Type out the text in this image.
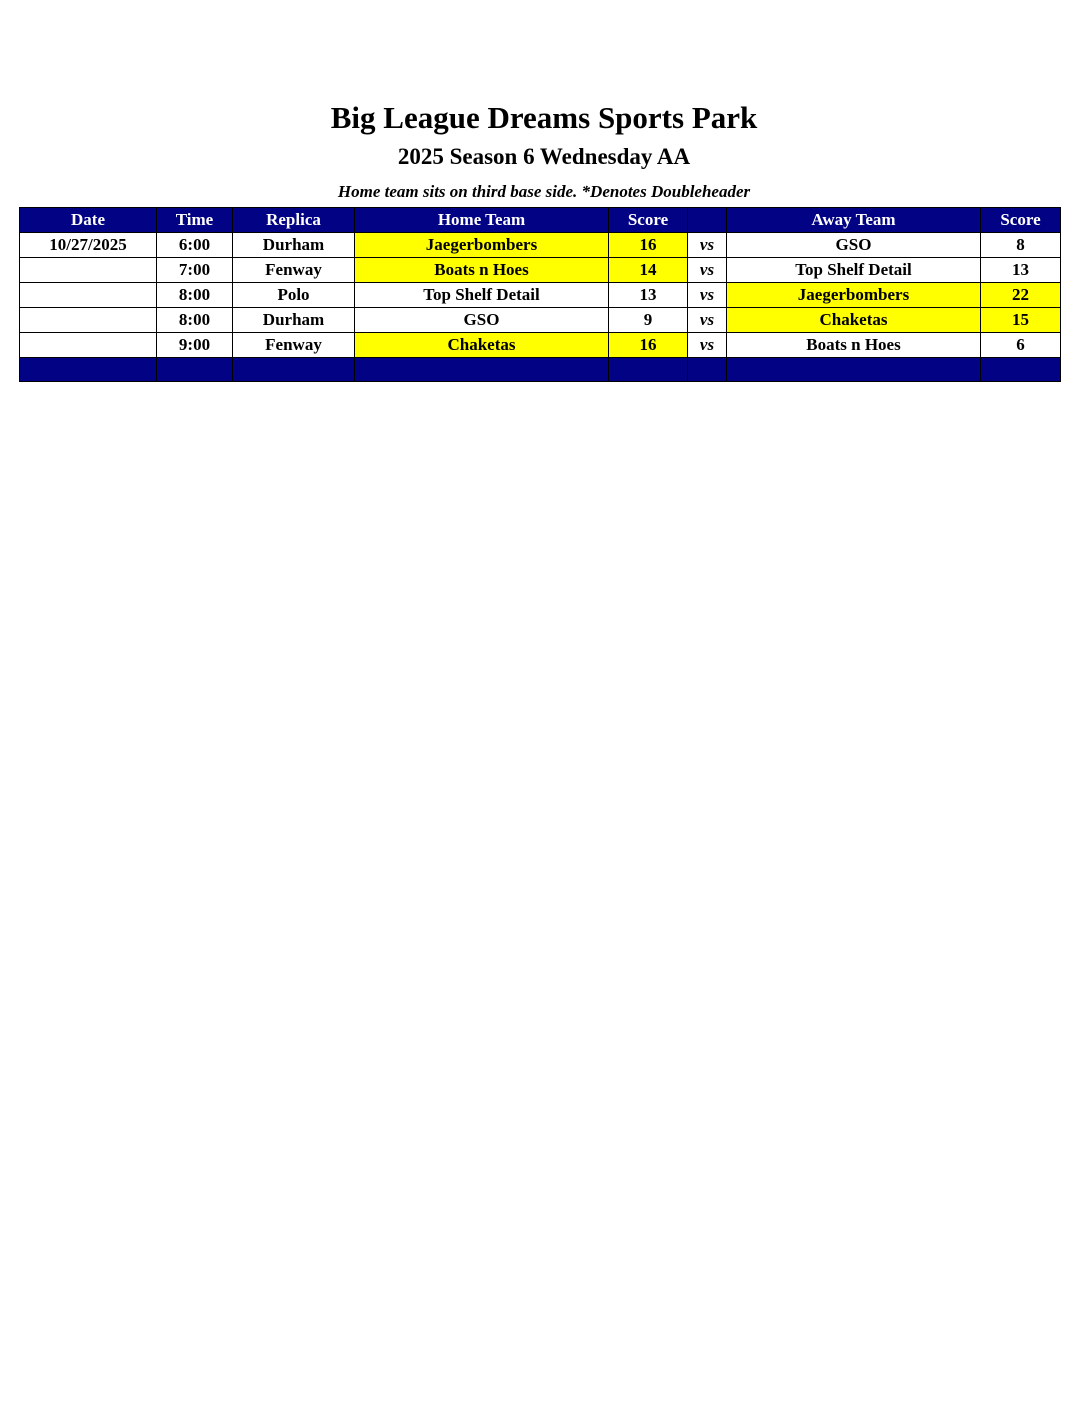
Big League Dreams Sports Park
2025 Season 6 Wednesday AA
Home team sits on third base side. *Denotes Doubleheader
Date	Time	Replica	Home Team	Score		Away Team	Score
10/27/2025	6:00	Durham	Jaegerbombers	16	vs	GSO	8
	7:00	Fenway	Boats n Hoes	14	vs	Top Shelf Detail	13
	8:00	Polo	Top Shelf Detail	13	vs	Jaegerbombers	22
	8:00	Durham	GSO	9	vs	Chaketas	15
	9:00	Fenway	Chaketas	16	vs	Boats n Hoes	6
